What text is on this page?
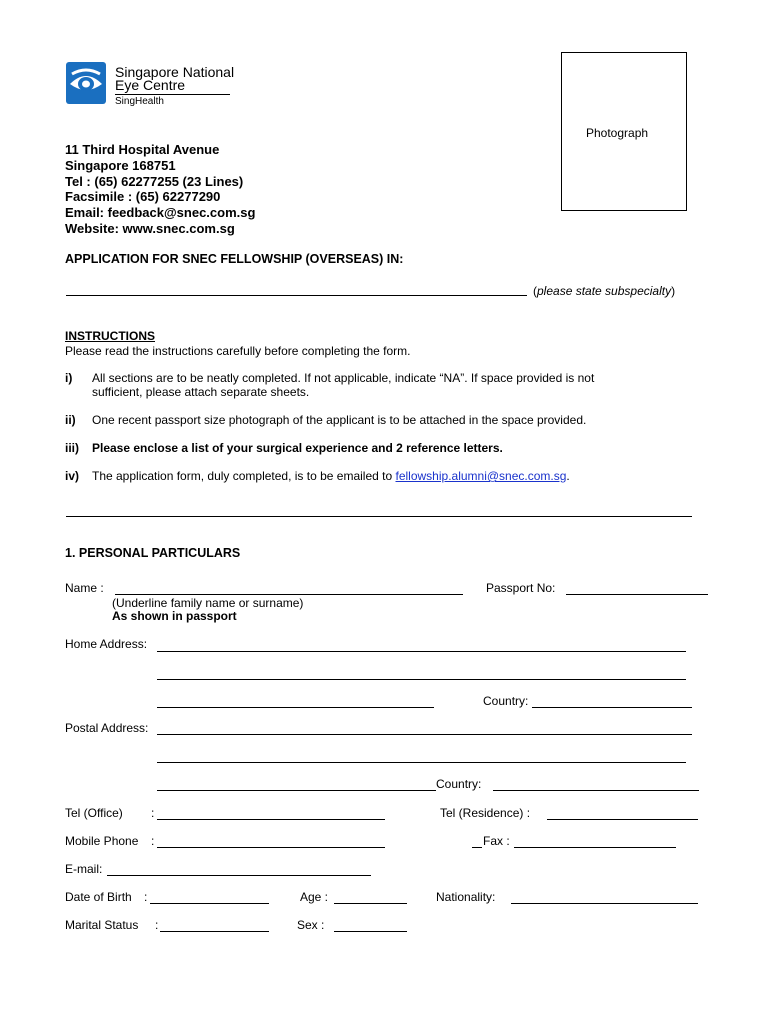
Singapore National
Eye Centre
SingHealth
Photograph
11 Third Hospital Avenue
Singapore 168751
Tel : (65) 62277255 (23 Lines)
Facsimile : (65) 62277290
Email: feedback@snec.com.sg
Website: www.snec.com.sg
APPLICATION FOR SNEC FELLOWSHIP (OVERSEAS) IN:
(please state subspecialty)
INSTRUCTIONS
Please read the instructions carefully before completing the form.
i) All sections are to be neatly completed. If not applicable, indicate “NA”. If space provided is not
sufficient, please attach separate sheets.
ii) One recent passport size photograph of the applicant is to be attached in the space provided.
iii) Please enclose a list of your surgical experience and 2 reference letters.
iv) The application form, duly completed, is to be emailed to fellowship.alumni@snec.com.sg.
1. PERSONAL PARTICULARS
Name :	Passport No:
(Underline family name or surname)
As shown in passport
Home Address:
Country:
Postal Address:
Country:
Tel (Office) :	Tel (Residence) :
Mobile Phone :	Fax :
E-mail:
Date of Birth :	Age :	Nationality:
Marital Status :	Sex :
